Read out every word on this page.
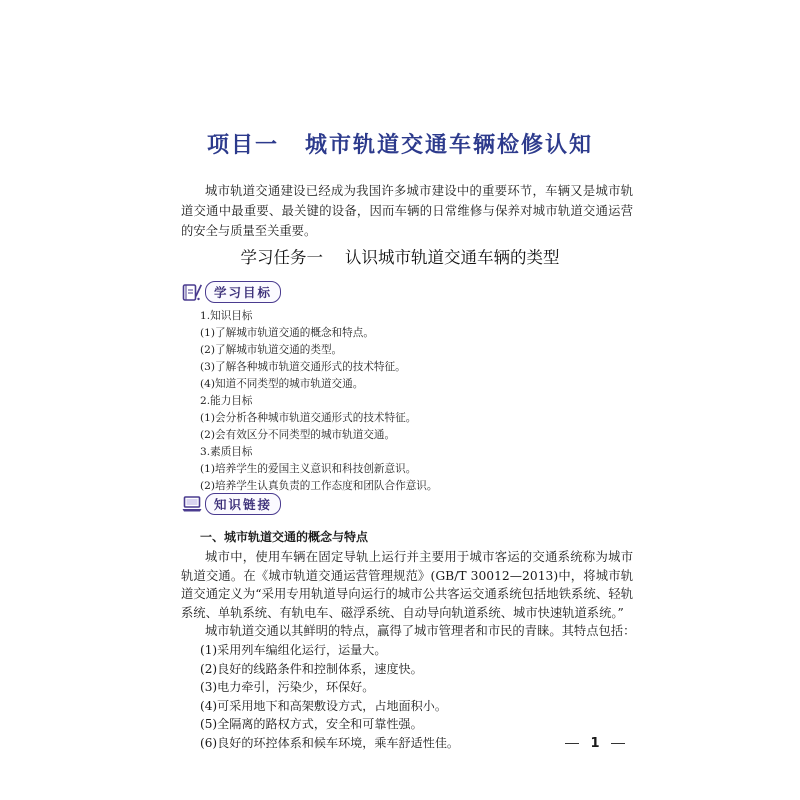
项目一 城市轨道交通车辆检修认知

城市轨道交通建设已经成为我国许多城市建设中的重要环节，车辆又是城市轨道交通中最重要、最关键的设备，因而车辆的日常维修与保养对城市轨道交通运营的安全与质量至关重要。

学习任务一 认识城市轨道交通车辆的类型
学习目标
1.知识目标
(1)了解城市轨道交通的概念和特点。
(2)了解城市轨道交通的类型。
(3)了解各种城市轨道交通形式的技术特征。
(4)知道不同类型的城市轨道交通。
2.能力目标
(1)会分析各种城市轨道交通形式的技术特征。
(2)会有效区分不同类型的城市轨道交通。
3.素质目标
(1)培养学生的爱国主义意识和科技创新意识。
(2)培养学生认真负责的工作态度和团队合作意识。
知识链接
一、城市轨道交通的概念与特点

城市中，使用车辆在固定导轨上运行并主要用于城市客运的交通系统称为城市轨道交通。在《城市轨道交通运营管理规范》(GB/T 30012—2013)中，将城市轨道交通定义为“采用专用轨道导向运行的城市公共客运交通系统包括地铁系统、轻轨系统、单轨系统、有轨电车、磁浮系统、自动导向轨道系统、城市快速轨道系统。”

城市轨道交通以其鲜明的特点，赢得了城市管理者和市民的青睐。其特点包括：

(1)采用列车编组化运行，运量大。
(2)良好的线路条件和控制体系，速度快。
(3)电力牵引，污染少，环保好。
(4)可采用地下和高架敷设方式，占地面积小。
(5)全隔离的路权方式，安全和可靠性强。
(6)良好的环控体系和候车环境，乘车舒适性佳。	1
